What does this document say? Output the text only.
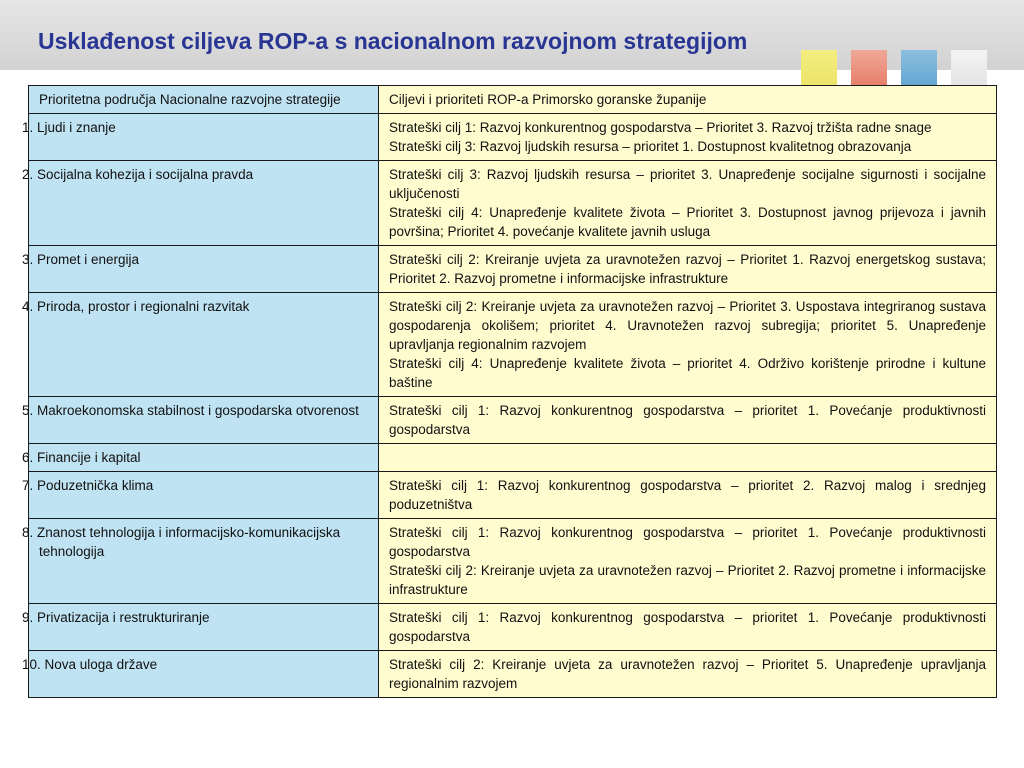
Usklađenost ciljeva ROP-a s nacionalnom razvojnom strategijom
Prioritetna područja Nacionalne razvojne strategije	Ciljevi i prioriteti ROP-a Primorsko goranske županije
1. Ljudi i znanje	Strateški cilj 1: Razvoj konkurentnog gospodarstva – Prioritet 3. Razvoj tržišta radne snage
Strateški cilj 3: Razvoj ljudskih resursa – prioritet 1. Dostupnost kvalitetnog obrazovanja

2. Socijalna kohezija i socijalna pravda	Strateški cilj 3: Razvoj ljudskih resursa – prioritet 3. Unapređenje socijalne sigurnosti i socijalne uključenosti
Strateški cilj 4: Unapređenje kvalitete života – Prioritet 3. Dostupnost javnog prijevoza i javnih površina; Prioritet 4. povećanje kvalitete javnih usluga

3. Promet i energija	Strateški cilj 2: Kreiranje uvjeta za uravnotežen razvoj – Prioritet 1. Razvoj energetskog sustava; Prioritet 2. Razvoj prometne i informacijske infrastrukture

4. Priroda, prostor i regionalni razvitak	Strateški cilj 2: Kreiranje uvjeta za uravnotežen razvoj – Prioritet 3. Uspostava integriranog sustava gospodarenja okolišem; prioritet 4. Uravnotežen razvoj subregija; prioritet 5. Unapređenje upravljanja regionalnim razvojem
Strateški cilj 4: Unapređenje kvalitete života – prioritet 4. Održivo korištenje prirodne i kultune baštine

5. Makroekonomska stabilnost i gospodarska otvorenost	Strateški cilj 1: Razvoj konkurentnog gospodarstva – prioritet 1. Povećanje produktivnosti gospodarstva

6. Financije i kapital	
7. Poduzetnička klima	Strateški cilj 1: Razvoj konkurentnog gospodarstva – prioritet 2. Razvoj malog i srednjeg poduzetništva

8. Znanost tehnologija i informacijsko-komunikacijska tehnologija	Strateški cilj 1: Razvoj konkurentnog gospodarstva – prioritet 1. Povećanje produktivnosti gospodarstva
Strateški cilj 2: Kreiranje uvjeta za uravnotežen razvoj – Prioritet 2. Razvoj prometne i informacijske infrastrukture

9. Privatizacija i restrukturiranje	Strateški cilj 1: Razvoj konkurentnog gospodarstva – prioritet 1. Povećanje produktivnosti gospodarstva

10. Nova uloga države	Strateški cilj 2: Kreiranje uvjeta za uravnotežen razvoj – Prioritet 5. Unapređenje upravljanja regionalnim razvojem
